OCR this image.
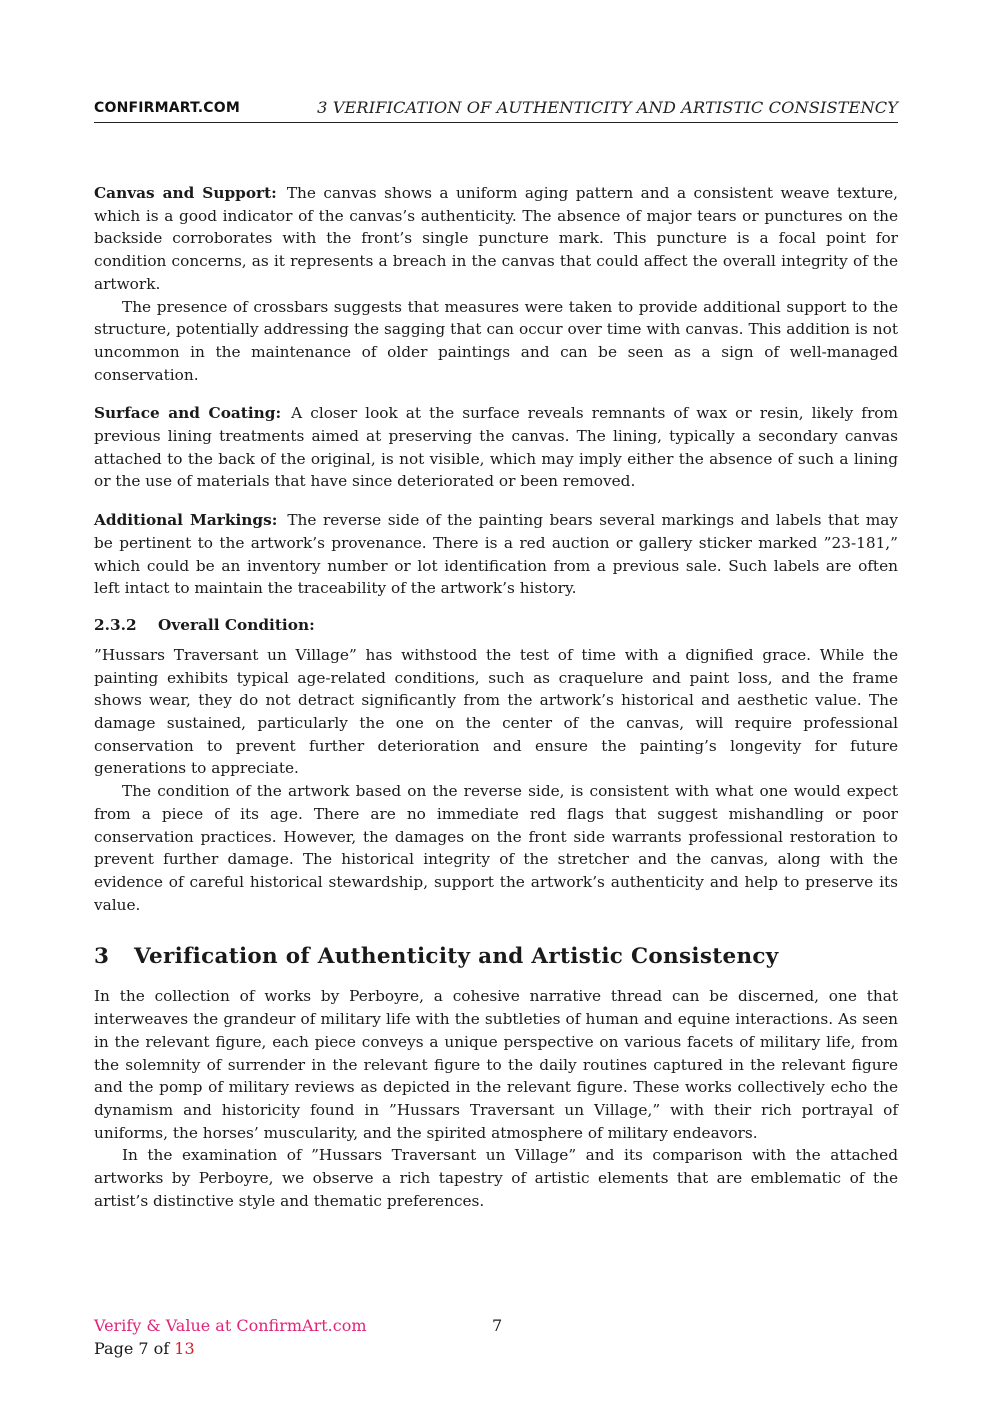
CONFIRMART.COM	3 VERIFICATION OF AUTHENTICITY AND ARTISTIC CONSISTENCY

Canvas and Support: The canvas shows a uniform aging pattern and a consistent weave texture, which is a good indicator of the canvas’s authenticity. The absence of major tears or punctures on the backside corroborates with the front’s single puncture mark. This puncture is a focal point for condition concerns, as it represents a breach in the canvas that could affect the overall integrity of the artwork.

The presence of crossbars suggests that measures were taken to provide additional support to the structure, potentially addressing the sagging that can occur over time with canvas. This addition is not uncommon in the maintenance of older paintings and can be seen as a sign of well-managed conservation.

Surface and Coating: A closer look at the surface reveals remnants of wax or resin, likely from previous lining treatments aimed at preserving the canvas. The lining, typically a secondary canvas attached to the back of the original, is not visible, which may imply either the absence of such a lining or the use of materials that have since deteriorated or been removed.

Additional Markings: The reverse side of the painting bears several markings and labels that may be pertinent to the artwork’s provenance. There is a red auction or gallery sticker marked ”23-181,” which could be an inventory number or lot identification from a previous sale. Such labels are often left intact to maintain the traceability of the artwork’s history.

2.3.2 Overall Condition:

”Hussars Traversant un Village” has withstood the test of time with a dignified grace. While the painting exhibits typical age-related conditions, such as craquelure and paint loss, and the frame shows wear, they do not detract significantly from the artwork’s historical and aesthetic value. The damage sustained, particularly the one on the center of the canvas, will require professional conservation to prevent further deterioration and ensure the painting’s longevity for future generations to appreciate.

The condition of the artwork based on the reverse side, is consistent with what one would expect from a piece of its age. There are no immediate red flags that suggest mishandling or poor conservation practices. However, the damages on the front side warrants professional restoration to prevent further damage. The historical integrity of the stretcher and the canvas, along with the evidence of careful historical stewardship, support the artwork’s authenticity and help to preserve its value.

3 Verification of Authenticity and Artistic Consistency

In the collection of works by Perboyre, a cohesive narrative thread can be discerned, one that interweaves the grandeur of military life with the subtleties of human and equine interactions. As seen in the relevant figure, each piece conveys a unique perspective on various facets of military life, from the solemnity of surrender in the relevant figure to the daily routines captured in the relevant figure and the pomp of military reviews as depicted in the relevant figure. These works collectively echo the dynamism and historicity found in ”Hussars Traversant un Village,” with their rich portrayal of uniforms, the horses’ muscularity, and the spirited atmosphere of military endeavors.

In the examination of ”Hussars Traversant un Village” and its comparison with the attached artworks by Perboyre, we observe a rich tapestry of artistic elements that are emblematic of the artist’s distinctive style and thematic preferences.

Verify & Value at ConfirmArt.com	7
Page 7 of 13
